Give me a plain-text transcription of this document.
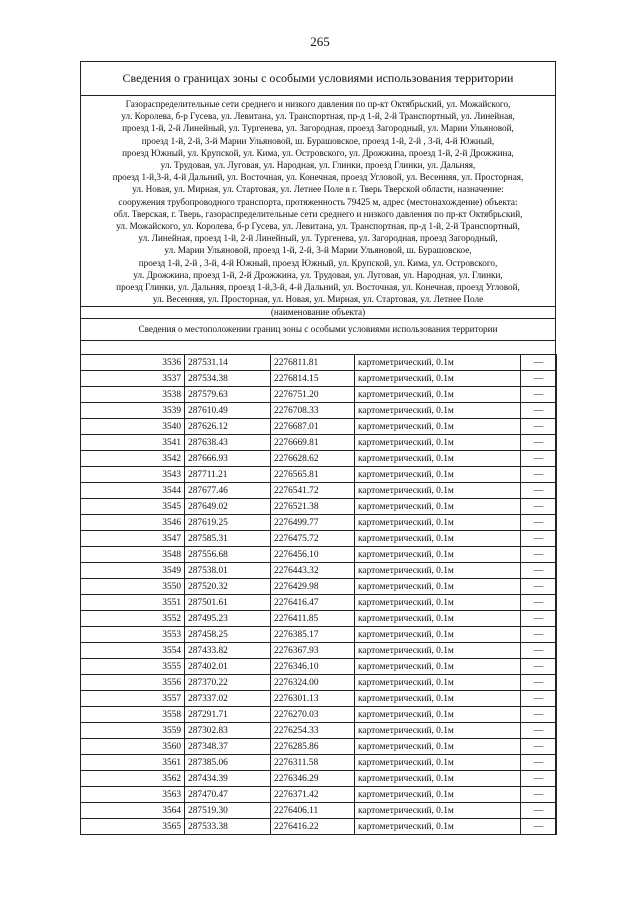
265
Сведения о границах зоны с особыми условиями использования территории
Газораспределительные сети среднего и низкого давления по пр-кт Октябрьский, ул. Можайского,
ул. Королева, б-р Гусева, ул. Левитана, ул. Транспортная, пр-д 1-й, 2-й Транспортный, ул. Линейная,
проезд 1-й, 2-й Линейный, ул. Тургенева, ул. Загородная, проезд Загородный, ул. Марии Ульяновой,
проезд 1-й, 2-й, 3-й Марии Ульяновой, ш. Бурашовское, проезд 1-й, 2-й , 3-й, 4-й Южный,
проезд Южный, ул. Крупской, ул. Кима, ул. Островского, ул. Дрожжина, проезд 1-й, 2-й Дрожжина,
ул. Трудовая, ул. Луговая, ул. Народная, ул. Глинки, проезд Глинки, ул. Дальняя,
проезд 1-й,3-й, 4-й Дальний, ул. Восточная, ул. Конечная, проезд Угловой, ул. Весенняя, ул. Просторная,
ул. Новая, ул. Мирная, ул. Стартовая, ул. Летнее Поле в г. Тверь Тверской области, назначение:
сооружения трубопроводного транспорта, протяженность 79425 м, адрес (местонахождение) объекта:
обл. Тверская, г. Тверь, газораспределительные сети среднего и низкого давления по пр-кт Октябрьский,
ул. Можайского, ул. Королева, б-р Гусева, ул. Левитана, ул. Транспортная, пр-д 1-й, 2-й Транспортный,
ул. Линейная, проезд 1-й, 2-й Линейный, ул. Тургенева, ул. Загородная, проезд Загородный,
ул. Марии Ульяновой, проезд 1-й, 2-й, 3-й Марии Ульяновой, ш. Бурашовское,
проезд 1-й, 2-й , 3-й, 4-й Южный, проезд Южный, ул. Крупской, ул. Кима, ул. Островского,
ул. Дрожжина, проезд 1-й, 2-й Дрожжина, ул. Трудовая, ул. Луговая, ул. Народная, ул. Глинки,
проезд Глинки, ул. Дальняя, проезд 1-й,3-й, 4-й Дальний, ул. Восточная, ул. Конечная, проезд Угловой,
ул. Весенняя, ул. Просторная, ул. Новая, ул. Мирная, ул. Стартовая, ул. Летнее Поле
(наименование объекта)
Сведения о местоположении границ зоны с особыми условиями использования территории
3536	287531.14	2276811.81	картометрический, 0.1м	—
3537	287534.38	2276814.15	картометрический, 0.1м	—
3538	287579.63	2276751.20	картометрический, 0.1м	—
3539	287610.49	2276708.33	картометрический, 0.1м	—
3540	287626.12	2276687.01	картометрический, 0.1м	—
3541	287638.43	2276669.81	картометрический, 0.1м	—
3542	287666.93	2276628.62	картометрический, 0.1м	—
3543	287711.21	2276565.81	картометрический, 0.1м	—
3544	287677.46	2276541.72	картометрический, 0.1м	—
3545	287649.02	2276521.38	картометрический, 0.1м	—
3546	287619.25	2276499.77	картометрический, 0.1м	—
3547	287585.31	2276475.72	картометрический, 0.1м	—
3548	287556.68	2276456.10	картометрический, 0.1м	—
3549	287538.01	2276443.32	картометрический, 0.1м	—
3550	287520.32	2276429.98	картометрический, 0.1м	—
3551	287501.61	2276416.47	картометрический, 0.1м	—
3552	287495.23	2276411.85	картометрический, 0.1м	—
3553	287458.25	2276385.17	картометрический, 0.1м	—
3554	287433.82	2276367.93	картометрический, 0.1м	—
3555	287402.01	2276346.10	картометрический, 0.1м	—
3556	287370.22	2276324.00	картометрический, 0.1м	—
3557	287337.02	2276301.13	картометрический, 0.1м	—
3558	287291.71	2276270.03	картометрический, 0.1м	—
3559	287302.83	2276254.33	картометрический, 0.1м	—
3560	287348.37	2276285.86	картометрический, 0.1м	—
3561	287385.06	2276311.58	картометрический, 0.1м	—
3562	287434.39	2276346.29	картометрический, 0.1м	—
3563	287470.47	2276371.42	картометрический, 0.1м	—
3564	287519.30	2276406.11	картометрический, 0.1м	—
3565	287533.38	2276416.22	картометрический, 0.1м	—
